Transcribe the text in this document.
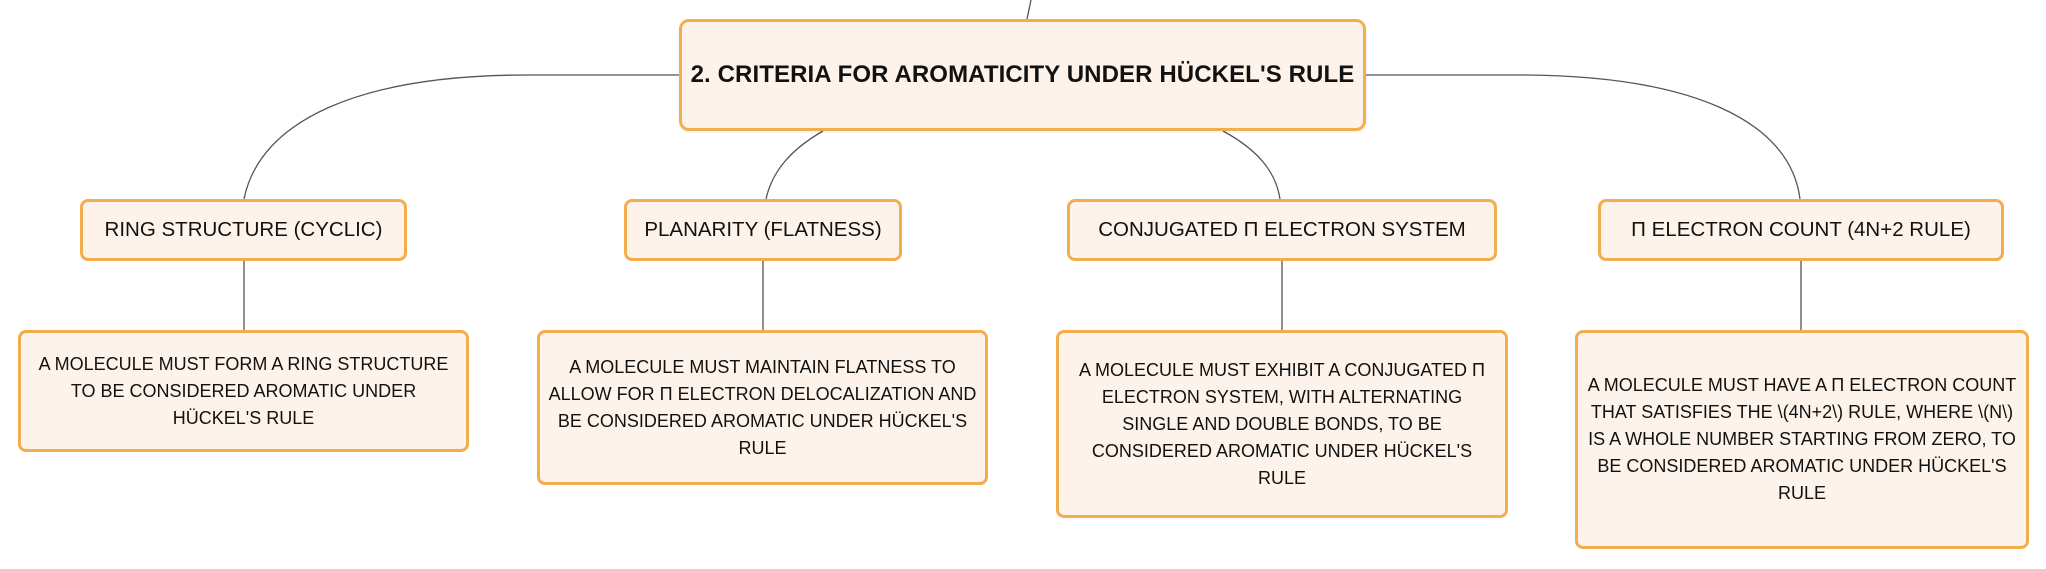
2. CRITERIA FOR AROMATICITY UNDER HÜCKEL'S RULE
RING STRUCTURE (CYCLIC)	PLANARITY (FLATNESS)	CONJUGATED Π ELECTRON SYSTEM	Π ELECTRON COUNT (4N+2 RULE)
A MOLECULE MUST FORM A RING STRUCTURE TO BE CONSIDERED AROMATIC UNDER HÜCKEL'S RULE
A MOLECULE MUST MAINTAIN FLATNESS TO ALLOW FOR Π ELECTRON DELOCALIZATION AND BE CONSIDERED AROMATIC UNDER HÜCKEL'S RULE
A MOLECULE MUST EXHIBIT A CONJUGATED Π ELECTRON SYSTEM, WITH ALTERNATING SINGLE AND DOUBLE BONDS, TO BE CONSIDERED AROMATIC UNDER HÜCKEL'S RULE
A MOLECULE MUST HAVE A Π ELECTRON COUNT THAT SATISFIES THE \(4N+2\) RULE, WHERE \(N\) IS A WHOLE NUMBER STARTING FROM ZERO, TO BE CONSIDERED AROMATIC UNDER HÜCKEL'S RULE
